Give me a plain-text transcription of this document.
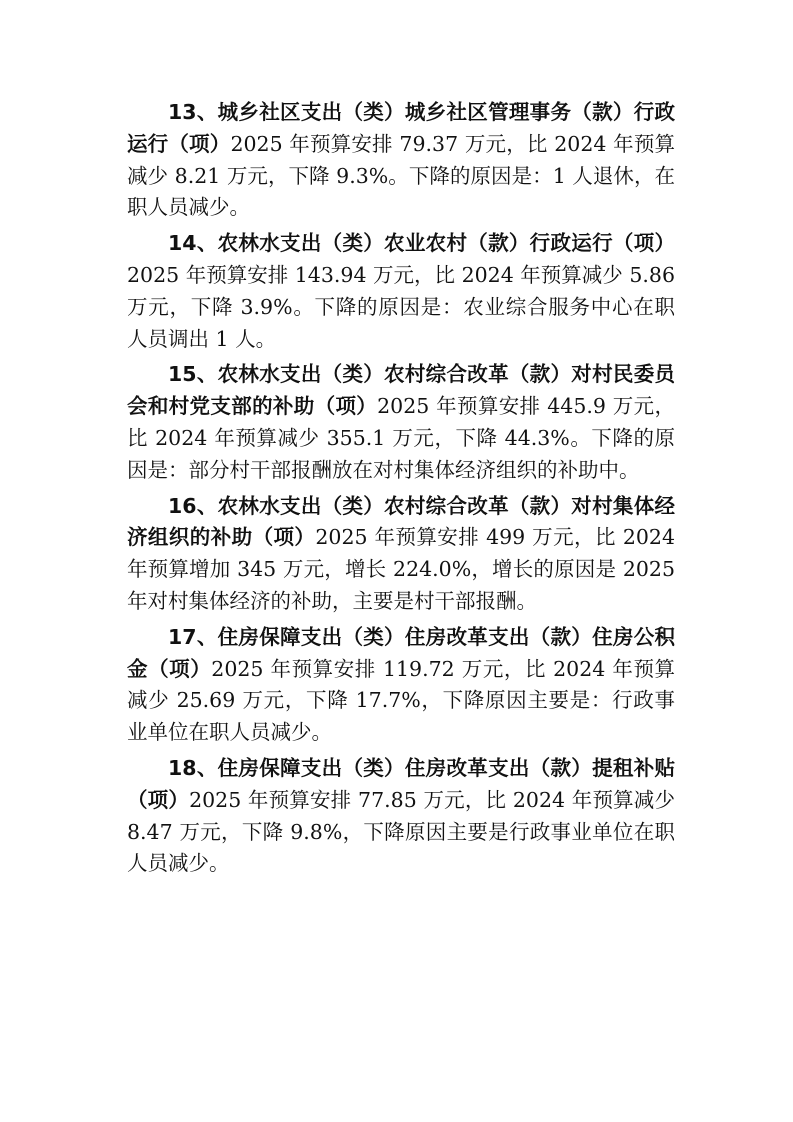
13、城乡社区支出（类）城乡社区管理事务（款）行政运行（项）2025 年预算安排 79.37 万元，比 2024 年预算减少 8.21 万元，下降 9.3%。下降的原因是：1 人退休，在职人员减少。

14、农林水支出（类）农业农村（款）行政运行（项）2025 年预算安排 143.94 万元，比 2024 年预算减少 5.86 万元，下降 3.9%。下降的原因是：农业综合服务中心在职人员调出 1 人。

15、农林水支出（类）农村综合改革（款）对村民委员会和村党支部的补助（项）2025 年预算安排 445.9 万元，比 2024 年预算减少 355.1 万元，下降 44.3%。下降的原因是：部分村干部报酬放在对村集体经济组织的补助中。

16、农林水支出（类）农村综合改革（款）对村集体经济组织的补助（项）2025 年预算安排 499 万元，比 2024 年预算增加 345 万元，增长 224.0%，增长的原因是 2025 年对村集体经济的补助，主要是村干部报酬。

17、住房保障支出（类）住房改革支出（款）住房公积金（项）2025 年预算安排 119.72 万元，比 2024 年预算减少 25.69 万元，下降 17.7%，下降原因主要是：行政事业单位在职人员减少。

18、住房保障支出（类）住房改革支出（款）提租补贴（项）2025 年预算安排 77.85 万元，比 2024 年预算减少 8.47 万元，下降 9.8%，下降原因主要是行政事业单位在职人员减少。
